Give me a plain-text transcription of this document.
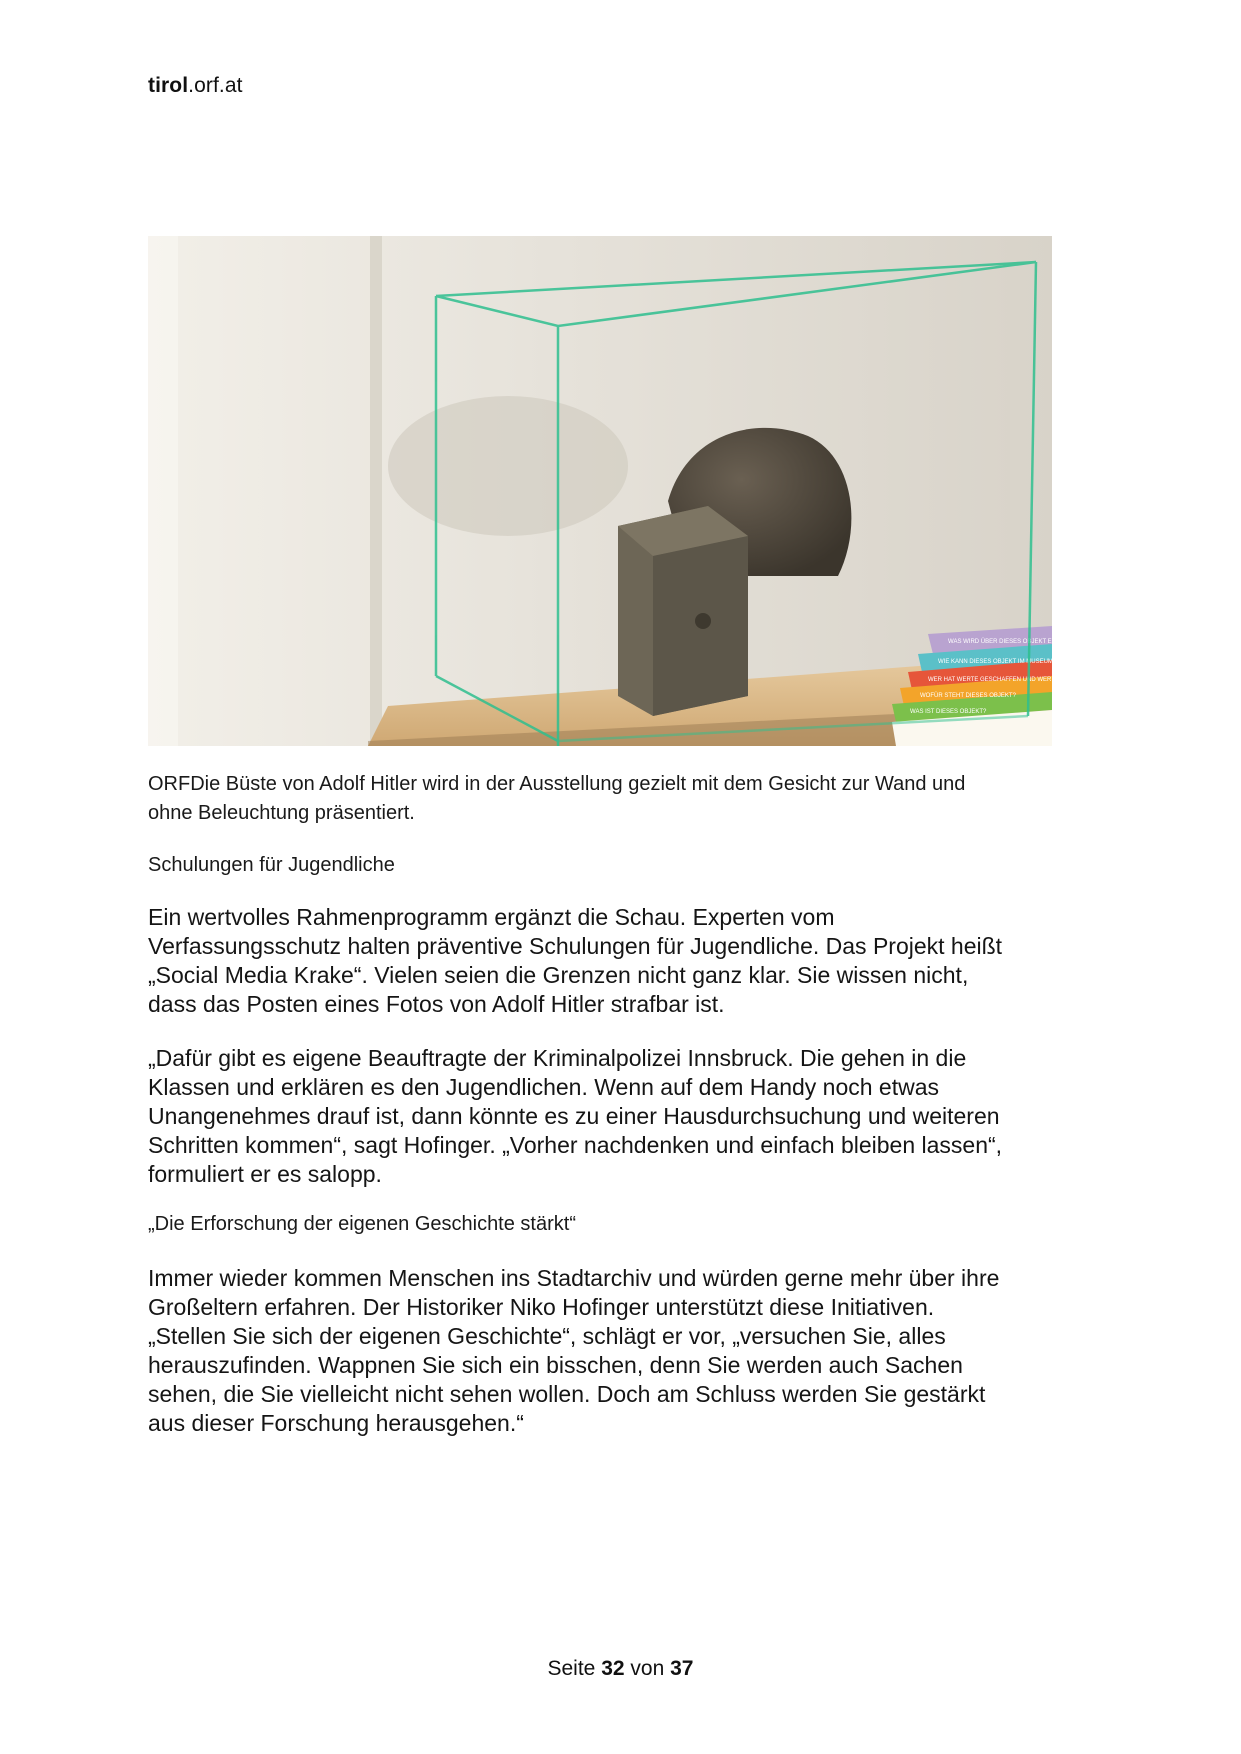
tirol.orf.at
WAS WIRD ÜBER DIESES OBJEKT ERZÄHLT?
WIE KANN DIESES OBJEKT IM MUSEUM VERWENDET
WER HAT WERTE GESCHAFFEN UND WER
WOFÜR STEHT DIESES OBJEKT?
WAS IST DIESES OBJEKT?
ORFDie Büste von Adolf Hitler wird in der Ausstellung gezielt mit dem Gesicht zur Wand und
ohne Beleuchtung präsentiert.
Schulungen für Jugendliche

Ein wertvolles Rahmenprogramm ergänzt die Schau. Experten vom

Verfassungsschutz halten präventive Schulungen für Jugendliche. Das Projekt heißt

„Social Media Krake“. Vielen seien die Grenzen nicht ganz klar. Sie wissen nicht,

dass das Posten eines Fotos von Adolf Hitler strafbar ist.

„Dafür gibt es eigene Beauftragte der Kriminalpolizei Innsbruck. Die gehen in die

Klassen und erklären es den Jugendlichen. Wenn auf dem Handy noch etwas

Unangenehmes drauf ist, dann könnte es zu einer Hausdurchsuchung und weiteren

Schritten kommen“, sagt Hofinger. „Vorher nachdenken und einfach bleiben lassen“,

formuliert er es salopp.

„Die Erforschung der eigenen Geschichte stärkt“

Immer wieder kommen Menschen ins Stadtarchiv und würden gerne mehr über ihre

Großeltern erfahren. Der Historiker Niko Hofinger unterstützt diese Initiativen.

„Stellen Sie sich der eigenen Geschichte“, schlägt er vor, „versuchen Sie, alles

herauszufinden. Wappnen Sie sich ein bisschen, denn Sie werden auch Sachen

sehen, die Sie vielleicht nicht sehen wollen. Doch am Schluss werden Sie gestärkt

aus dieser Forschung herausgehen.“

Seite 32 von 37
